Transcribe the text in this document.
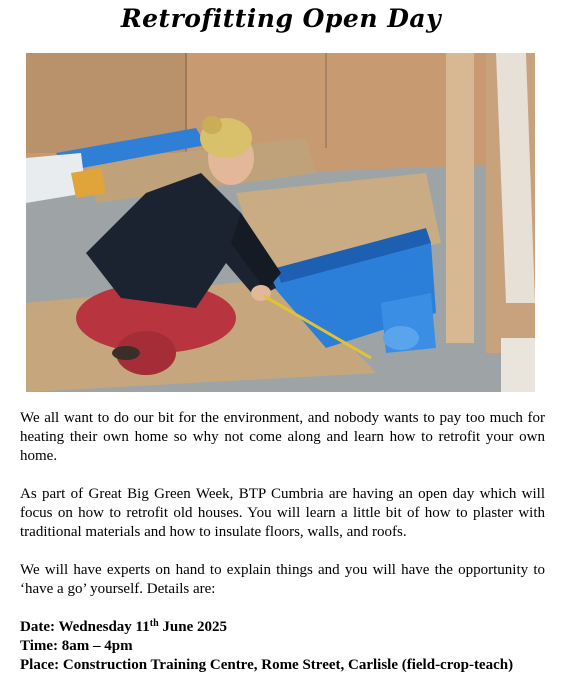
Retrofitting Open Day

We all want to do our bit for the environment, and nobody wants to pay too much for heating their own home so why not come along and learn how to retrofit your own home.

As part of Great Big Green Week, BTP Cumbria are having an open day which will focus on how to retrofit old houses. You will learn a little bit of how to plaster with traditional materials and how to insulate floors, walls, and roofs.

We will have experts on hand to explain things and you will have the opportunity to ‘have a go’ yourself. Details are:

Date: Wednesday 11th June 2025
Time: 8am – 4pm
Place: Construction Training Centre, Rome Street, Carlisle (field-crop-teach)
